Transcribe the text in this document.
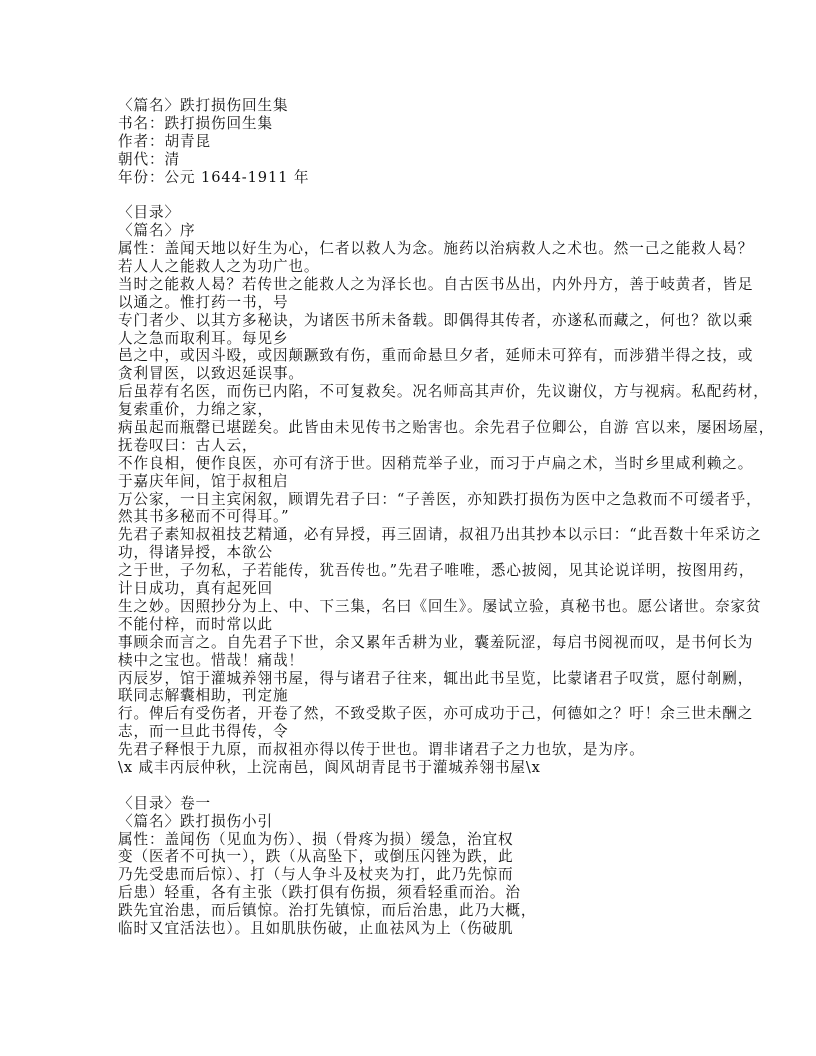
〈篇名〉跌打损伤回生集
书名：跌打损伤回生集
作者：胡青昆
朝代：清
年份：公元 1644-1911 年
〈目录〉
〈篇名〉序
属性：盖闻天地以好生为心，仁者以救人为念。施药以治病救人之术也。然一己之能救人曷？
若人人之能救人之为功广也。
当时之能救人曷？若传世之能救人之为泽长也。自古医书丛出，内外丹方，善于岐黄者，皆足
以通之。惟打药一书，号
专门者少、以其方多秘诀，为诸医书所未备载。即偶得其传者，亦遂私而藏之，何也？欲以乘
人之急而取利耳。每见乡
邑之中，或因斗殴，或因颠蹶致有伤，重而命悬旦夕者，延师未可猝有，而涉猎半得之技，或
贪利冒医，以致迟延误事。
后虽荐有名医，而伤已内陷，不可复救矣。况名师高其声价，先议谢仪，方与视病。私配药材，
复索重价，力绵之家，
病虽起而瓶罄已堪蹉矣。此皆由未见传书之贻害也。余先君子位卿公，自游 宫以来，屡困场屋，
抚卷叹曰：古人云，
不作良相，便作良医，亦可有济于世。因稍荒举子业，而习于卢扁之术，当时乡里咸利赖之。
于嘉庆年间，馆于叔租启
万公家，一日主宾闲叙，顾谓先君子曰：“子善医，亦知跌打损伤为医中之急救而不可缓者乎，
然其书多秘而不可得耳。”
先君子素知叔祖技艺精通，必有异授，再三固请，叔祖乃出其抄本以示曰：“此吾数十年采访之
功，得诸异授，本欲公
之于世，子勿私，子若能传，犹吾传也。”先君子唯唯，悉心披阅，见其论说详明，按图用药，
计日成功，真有起死回
生之妙。因照抄分为上、中、下三集，名曰《回生》。屡试立验，真秘书也。愿公诸世。奈家贫
不能付梓，而时常以此
事顾余而言之。自先君子下世，余又累年舌耕为业，囊羞阮涩，每启书阅视而叹，是书何长为
椟中之宝也。惜哉！痛哉！
丙辰岁，馆于灌城养翎书屋，得与诸君子往来，辄出此书呈览，比蒙诸君子叹赏，愿付剞劂，
联同志解囊相助，刊定施
行。俾后有受伤者，开卷了然，不致受欺子医，亦可成功于己，何德如之？吁！余三世未酬之
志，而一旦此书得传，令
先君子释恨于九原，而叔祖亦得以传于世也。谓非诸君子之力也欤，是为序。
\x 咸丰丙辰仲秋，上浣南邑，阆风胡青昆书于灌城养翎书屋\x
〈目录〉卷一
〈篇名〉跌打损伤小引
属性：盖闻伤（见血为伤）、损（骨疼为损）缓急，治宜权
变（医者不可执一），跌（从高坠下，或倒压闪锉为跌，此
乃先受患而后惊）、打（与人争斗及杖夹为打，此乃先惊而
后患）轻重，各有主张（跌打俱有伤损，须看轻重而治。治
跌先宜治患，而后镇惊。治打先镇惊，而后治患，此乃大概，
临时又宜活法也）。且如肌肤伤破，止血祛风为上（伤破肌
